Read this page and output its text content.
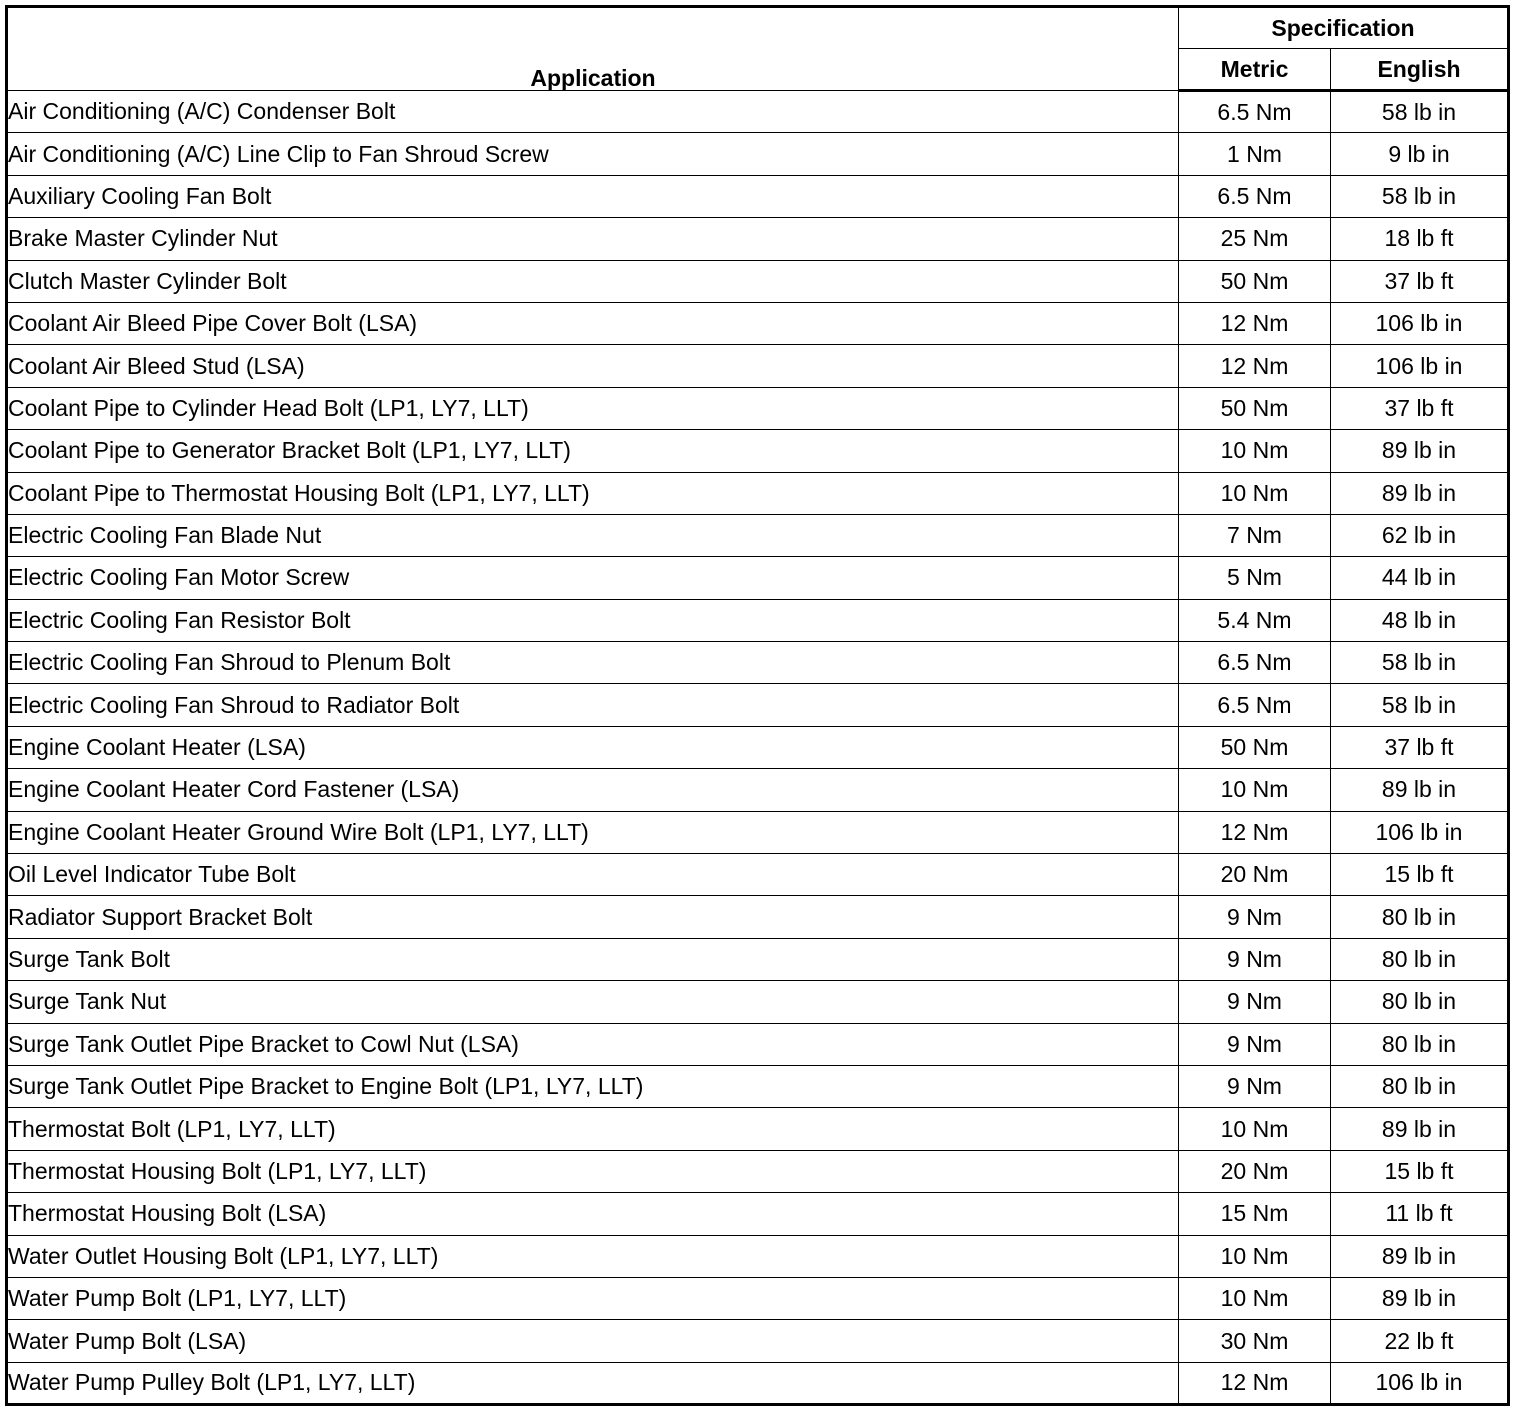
Application	Specification	
	Metric	English
Air Conditioning (A/C) Condenser Bolt	6.5 Nm	58 lb in
Air Conditioning (A/C) Line Clip to Fan Shroud Screw	1 Nm	9 lb in
Auxiliary Cooling Fan Bolt	6.5 Nm	58 lb in
Brake Master Cylinder Nut	25 Nm	18 lb ft
Clutch Master Cylinder Bolt	50 Nm	37 lb ft
Coolant Air Bleed Pipe Cover Bolt (LSA)	12 Nm	106 lb in
Coolant Air Bleed Stud (LSA)	12 Nm	106 lb in
Coolant Pipe to Cylinder Head Bolt (LP1, LY7, LLT)	50 Nm	37 lb ft
Coolant Pipe to Generator Bracket Bolt (LP1, LY7, LLT)	10 Nm	89 lb in
Coolant Pipe to Thermostat Housing Bolt (LP1, LY7, LLT)	10 Nm	89 lb in
Electric Cooling Fan Blade Nut	7 Nm	62 lb in
Electric Cooling Fan Motor Screw	5 Nm	44 lb in
Electric Cooling Fan Resistor Bolt	5.4 Nm	48 lb in
Electric Cooling Fan Shroud to Plenum Bolt	6.5 Nm	58 lb in
Electric Cooling Fan Shroud to Radiator Bolt	6.5 Nm	58 lb in
Engine Coolant Heater (LSA)	50 Nm	37 lb ft
Engine Coolant Heater Cord Fastener (LSA)	10 Nm	89 lb in
Engine Coolant Heater Ground Wire Bolt (LP1, LY7, LLT)	12 Nm	106 lb in
Oil Level Indicator Tube Bolt	20 Nm	15 lb ft
Radiator Support Bracket Bolt	9 Nm	80 lb in
Surge Tank Bolt	9 Nm	80 lb in
Surge Tank Nut	9 Nm	80 lb in
Surge Tank Outlet Pipe Bracket to Cowl Nut (LSA)	9 Nm	80 lb in
Surge Tank Outlet Pipe Bracket to Engine Bolt (LP1, LY7, LLT)	9 Nm	80 lb in
Thermostat Bolt (LP1, LY7, LLT)	10 Nm	89 lb in
Thermostat Housing Bolt (LP1, LY7, LLT)	20 Nm	15 lb ft
Thermostat Housing Bolt (LSA)	15 Nm	11 lb ft
Water Outlet Housing Bolt (LP1, LY7, LLT)	10 Nm	89 lb in
Water Pump Bolt (LP1, LY7, LLT)	10 Nm	89 lb in
Water Pump Bolt (LSA)	30 Nm	22 lb ft
Water Pump Pulley Bolt (LP1, LY7, LLT)	12 Nm	106 lb in
